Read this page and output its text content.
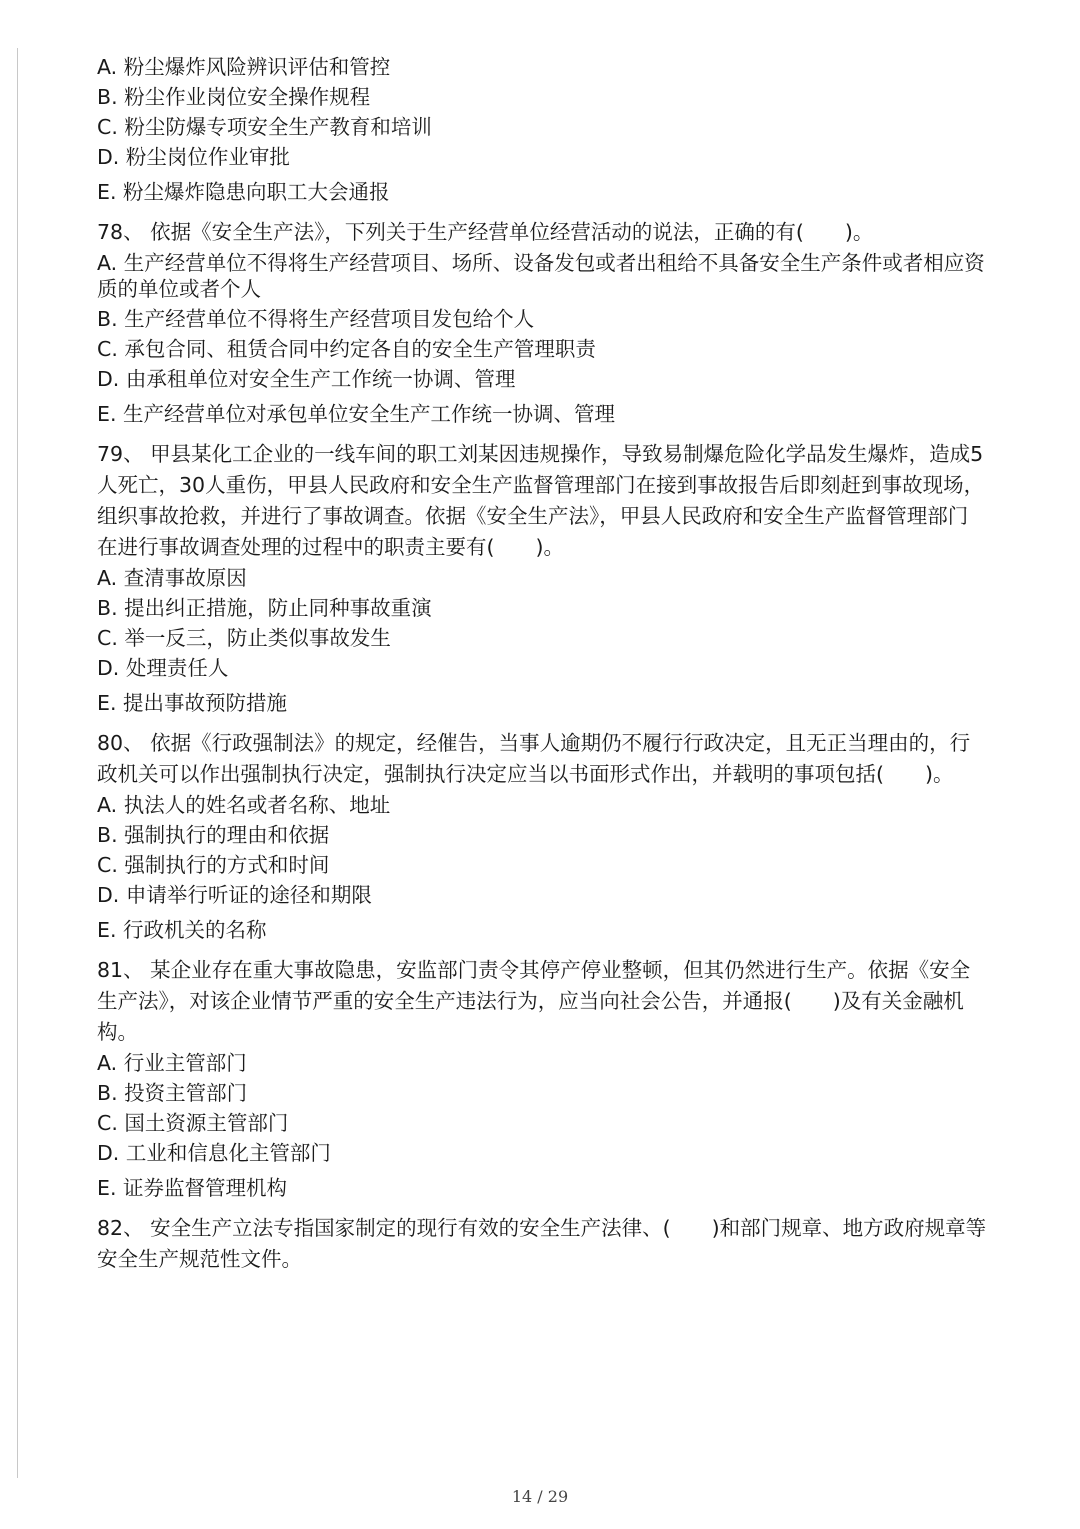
A. 粉尘爆炸风险辨识评估和管控
B. 粉尘作业岗位安全操作规程
C. 粉尘防爆专项安全生产教育和培训
D. 粉尘岗位作业审批
E. 粉尘爆炸隐患向职工大会通报
78、 依据《安全生产法》，下列关于生产经营单位经营活动的说法，正确的有(　　)。
A. 生产经营单位不得将生产经营项目、场所、设备发包或者出租给不具备安全生产条件或者相应资质的单位或者个人
B. 生产经营单位不得将生产经营项目发包给个人
C. 承包合同、租赁合同中约定各自的安全生产管理职责
D. 由承租单位对安全生产工作统一协调、管理
E. 生产经营单位对承包单位安全生产工作统一协调、管理
79、 甲县某化工企业的一线车间的职工刘某因违规操作，导致易制爆危险化学品发生爆炸，造成5人死亡，30人重伤，甲县人民政府和安全生产监督管理部门在接到事故报告后即刻赶到事故现场，组织事故抢救，并进行了事故调查。依据《安全生产法》，甲县人民政府和安全生产监督管理部门在进行事故调查处理的过程中的职责主要有(　　)。
A. 查清事故原因
B. 提出纠正措施，防止同种事故重演
C. 举一反三，防止类似事故发生
D. 处理责任人
E. 提出事故预防措施
80、 依据《行政强制法》的规定，经催告，当事人逾期仍不履行行政决定，且无正当理由的，行政机关可以作出强制执行决定，强制执行决定应当以书面形式作出，并载明的事项包括(　　)。
A. 执法人的姓名或者名称、地址
B. 强制执行的理由和依据
C. 强制执行的方式和时间
D. 申请举行听证的途径和期限
E. 行政机关的名称
81、 某企业存在重大事故隐患，安监部门责令其停产停业整顿，但其仍然进行生产。依据《安全生产法》，对该企业情节严重的安全生产违法行为，应当向社会公告，并通报(　　)及有关金融机构。
A. 行业主管部门
B. 投资主管部门
C. 国土资源主管部门
D. 工业和信息化主管部门
E. 证券监督管理机构
82、 安全生产立法专指国家制定的现行有效的安全生产法律、(　　)和部门规章、地方政府规章等安全生产规范性文件。
14 / 29
